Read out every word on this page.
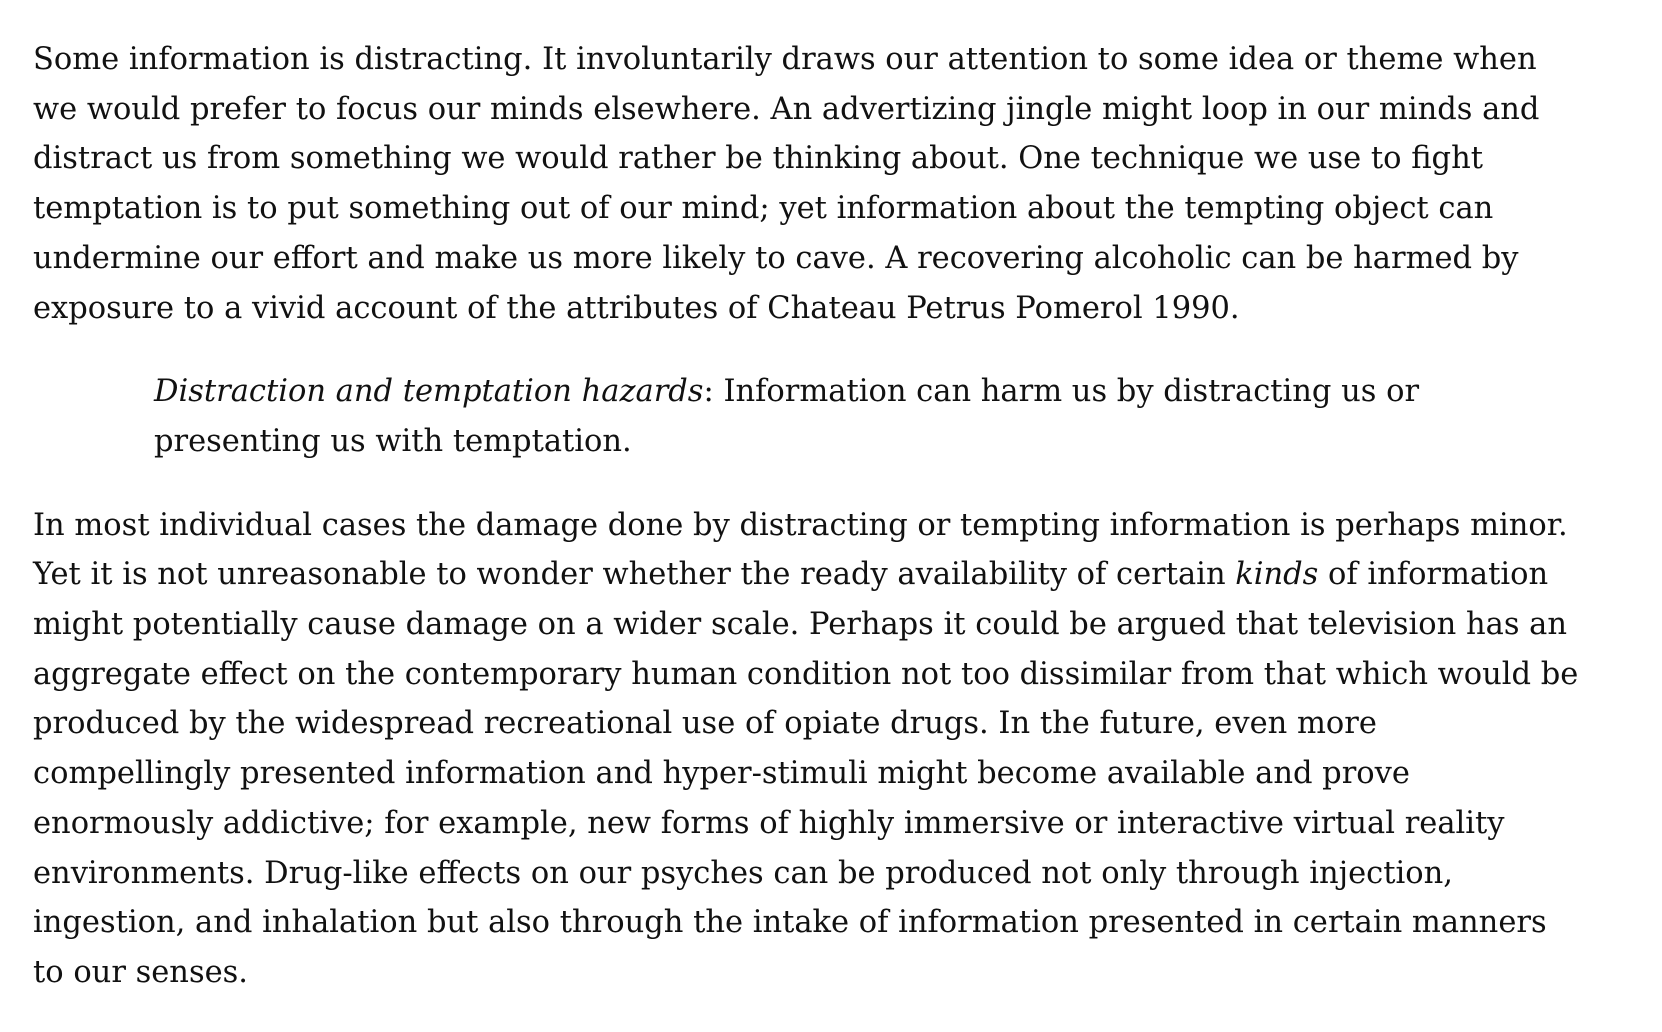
Some information is distracting. It involuntarily draws our attention to some idea or theme when
we would prefer to focus our minds elsewhere. An advertizing jingle might loop in our minds and
distract us from something we would rather be thinking about. One technique we use to fight
temptation is to put something out of our mind; yet information about the tempting object can
undermine our effort and make us more likely to cave. A recovering alcoholic can be harmed by
exposure to a vivid account of the attributes of Chateau Petrus Pomerol 1990.

Distraction and temptation hazards: Information can harm us by distracting us or
presenting us with temptation.

In most individual cases the damage done by distracting or tempting information is perhaps minor.
Yet it is not unreasonable to wonder whether the ready availability of certain kinds of information
might potentially cause damage on a wider scale. Perhaps it could be argued that television has an
aggregate effect on the contemporary human condition not too dissimilar from that which would be
produced by the widespread recreational use of opiate drugs. In the future, even more
compellingly presented information and hyper-stimuli might become available and prove
enormously addictive; for example, new forms of highly immersive or interactive virtual reality
environments. Drug-like effects on our psyches can be produced not only through injection,
ingestion, and inhalation but also through the intake of information presented in certain manners
to our senses.
